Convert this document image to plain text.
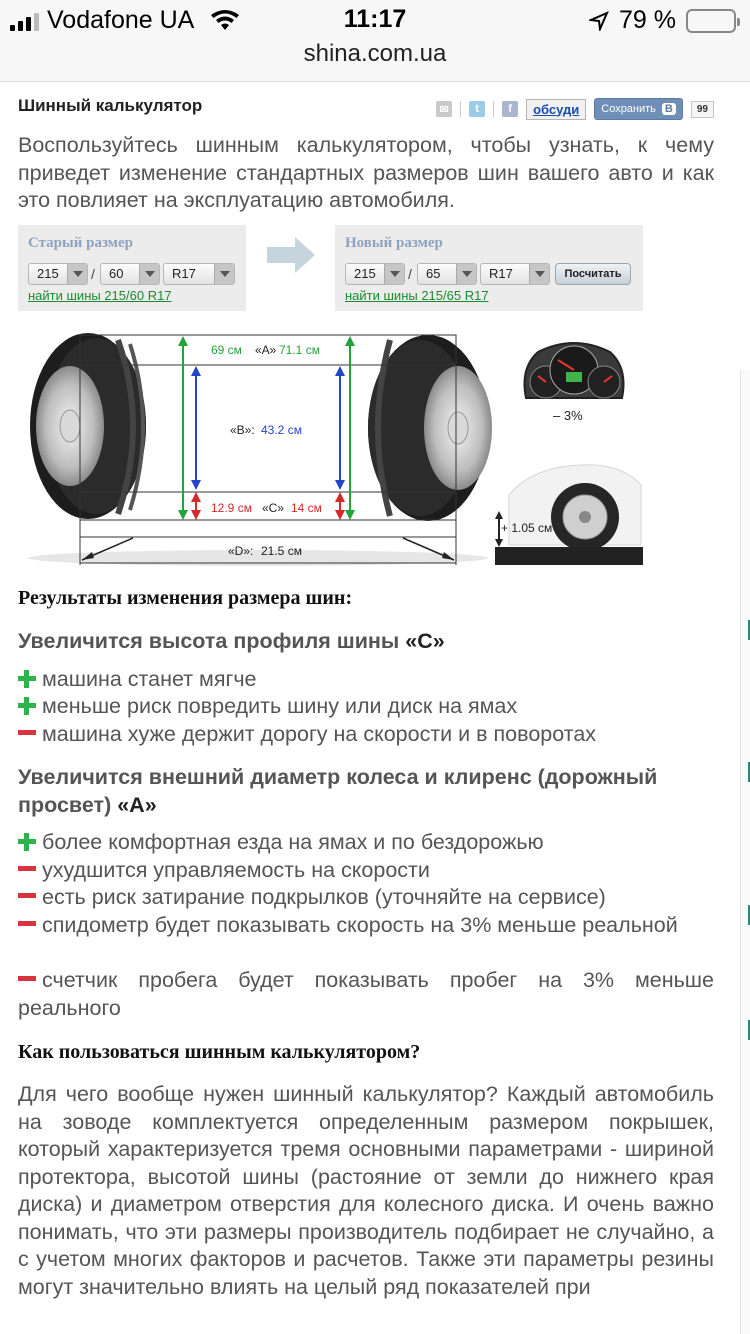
Vodafone UA	11:17	79 %
shina.com.ua
Шинный калькулятор	✉	t	f	обсуди	Сохранить В	99
Воспользуйтесь шинным калькулятором, чтобы узнать, к чему приведет изменение стандартных размеров шин вашего авто и как это повлияет на эксплуатацию автомобиля.
Старый размер
215	/	60	R17
найти шины 215/60 R17
Новый размер
215	/	65	R17	Посчитать
найти шины 215/65 R17
69 см «А» 71.1 см
«B»: 43.2 см
12.9 см «C» 14 см
«D»: 21.5 см
– 3%
+ 1.05 см
Результаты изменения размера шин:
Увеличится высота профиля шины «С»
машина станет мягче
меньше риск повредить шину или диск на ямах
машина хуже держит дорогу на скорости и в поворотах
Увеличится внешний диаметр колеса и клиренс (дорожный просвет) «А»
более комфортная езда на ямах и по бездорожью
ухудшится управляемость на скорости
есть риск затирание подкрылков (уточняйте на сервисе)
спидометр будет показывать скорость на 3% меньше реальной
счетчик пробега будет показывать пробег на 3% меньше реального
Как пользоваться шинным калькулятором?
Для чего вообще нужен шинный калькулятор? Каждый автомобиль на зоводе комплектуется определенным размером покрышек, который характеризуется тремя основными параметрами - шириной протектора, высотой шины (растояние от земли до нижнего края диска) и диаметром отверстия для колесного диска. И очень важно понимать, что эти размеры производитель подбирает не случайно, а с учетом многих факторов и расчетов. Также эти параметры резины могут значительно влиять на целый ряд показателей при
